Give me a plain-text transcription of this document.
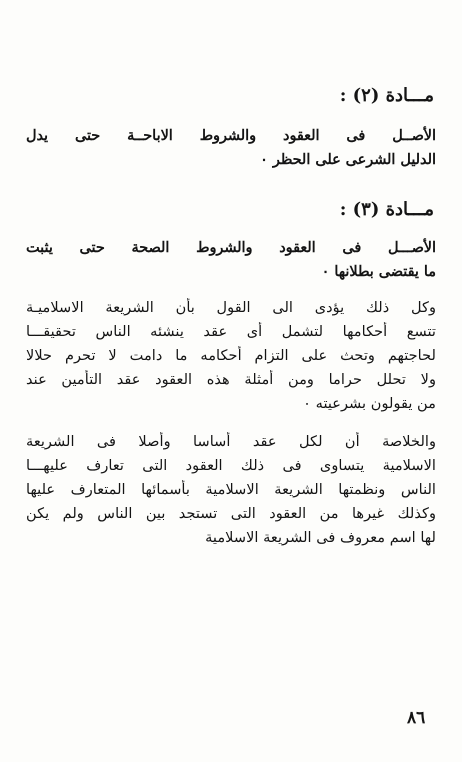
مـــادة (٢) :
الأصــل فى العقود والشروط الاباحــة حتى يدل
الدليل الشرعى على الحظر ٠
مـــادة (٣) :
الأصـــل فى العقود والشروط الصحة حتى يثبت
ما يقتضى بطلانها ٠
وكل ذلك يؤدى الى القول بأن الشريعة الاسلاميـة
تتسع أحكامها لتشمل أى عقد ينشئه الناس تحقيقـــا
لحاجتهم وتحث على التزام أحكامه ما دامت لا تحرم حلالا
ولا تحلل حراما ومن أمثلة هذه العقود عقد التأمين عند
من يقولون بشرعيته ٠
والخلاصة أن لكل عقد أساسا وأصلا فى الشريعة
الاسلامية يتساوى فى ذلك العقود التى تعارف عليهـــا
الناس ونظمتها الشريعة الاسلامية بأسمائها المتعارف عليها
وكذلك غيرها من العقود التى تستجد بين الناس ولم يكن
لها اسم معروف فى الشريعة الاسلامية
٨٦
